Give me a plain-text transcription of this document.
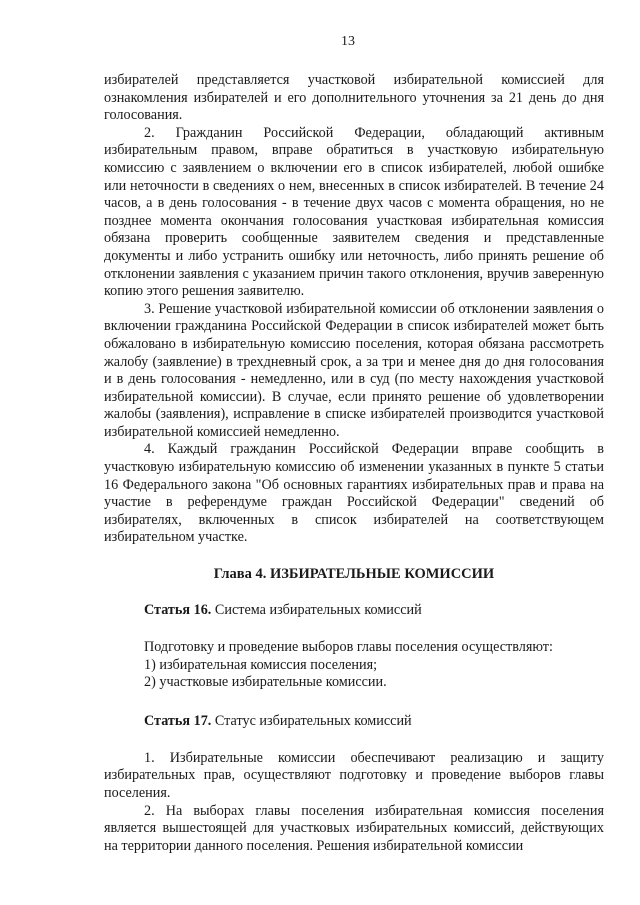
13

избирателей представляется участковой избирательной комиссией для ознакомления избирателей и его дополнительного уточнения за 21 день до дня голосования.

2. Гражданин Российской Федерации, обладающий активным избирательным правом, вправе обратиться в участковую избирательную комиссию с заявлением о включении его в список избирателей, любой ошибке или неточности в сведениях о нем, внесенных в список избирателей. В течение 24 часов, а в день голосования - в течение двух часов с момента обращения, но не позднее момента окончания голосования участковая избирательная комиссия обязана проверить сообщенные заявителем сведения и представленные документы и либо устранить ошибку или неточность, либо принять решение об отклонении заявления с указанием причин такого отклонения, вручив заверенную копию этого решения заявителю.

3. Решение участковой избирательной комиссии об отклонении заявления о включении гражданина Российской Федерации в список избирателей может быть обжаловано в избирательную комиссию поселения, которая обязана рассмотреть жалобу (заявление) в трехдневный срок, а за три и менее дня до дня голосования и в день голосования - немедленно, или в суд (по месту нахождения участковой избирательной комиссии). В случае, если принято решение об удовлетворении жалобы (заявления), исправление в списке избирателей производится участковой избирательной комиссией немедленно.

4. Каждый гражданин Российской Федерации вправе сообщить в участковую избирательную комиссию об изменении указанных в пункте 5 статьи 16 Федерального закона "Об основных гарантиях избирательных прав и права на участие в референдуме граждан Российской Федерации" сведений об избирателях, включенных в список избирателей на соответствующем избирательном участке.

Глава 4. ИЗБИРАТЕЛЬНЫЕ КОМИССИИ
Статья 16. Система избирательных комиссий

Подготовку и проведение выборов главы поселения осуществляют:

1) избирательная комиссия поселения;
2) участковые избирательные комиссии.
Статья 17. Статус избирательных комиссий

1. Избирательные комиссии обеспечивают реализацию и защиту избирательных прав, осуществляют подготовку и проведение выборов главы поселения.

2. На выборах главы поселения избирательная комиссия поселения является вышестоящей для участковых избирательных комиссий, действующих на территории данного поселения. Решения избирательной комиссии
